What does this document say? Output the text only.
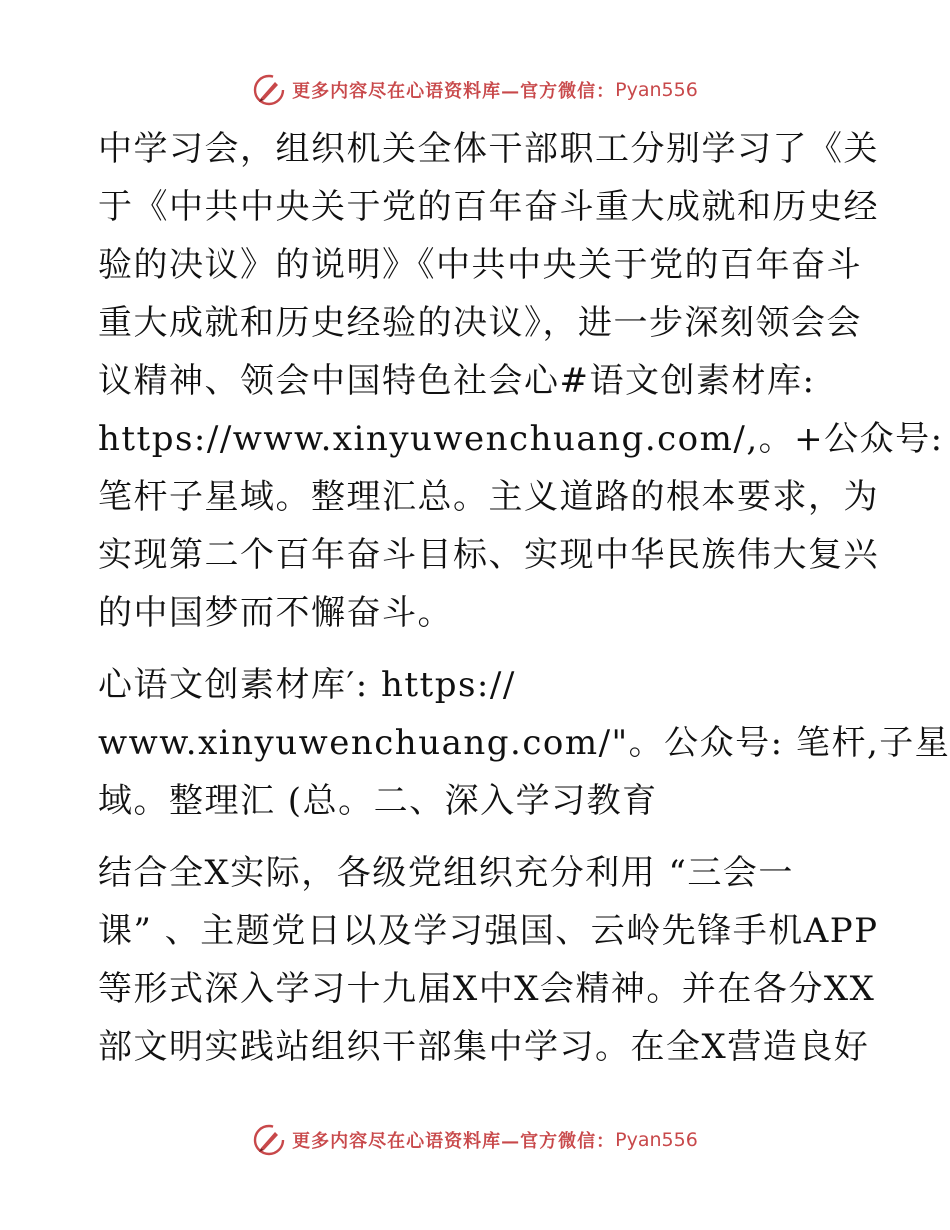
更多内容尽在心语资料库—官方微信： Pyan556
中学习会，组织机关全体干部职工分别学习了《关
于《中共中央关于党的百年奋斗重大成就和历史经
验的决议》的说明》《中共中央关于党的百年奋斗
重大成就和历史经验的决议》，进一步深刻领会会
议精神、领会中国特色社会心#语文创素材库:
https://www.xinyuwenchuang.com/,。+公众号:
笔杆子星域。整理汇总。主义道路的根本要求，为
实现第二个百年奋斗目标、实现中华民族伟大复兴
的中国梦而不懈奋斗。
心语文创素材库′: https://
www.xinyuwenchuang.com/"。公众号: 笔杆,子星
域。整理汇 (总。二、深入学习教育
结合全X实际，各级党组织充分利用 “三会一
课” 、主题党日以及学习强国、云岭先锋手机APP
等形式深入学习十九届X中X会精神。并在各分XX
部文明实践站组织干部集中学习。在全X营造良好
更多内容尽在心语资料库—官方微信： Pyan556
